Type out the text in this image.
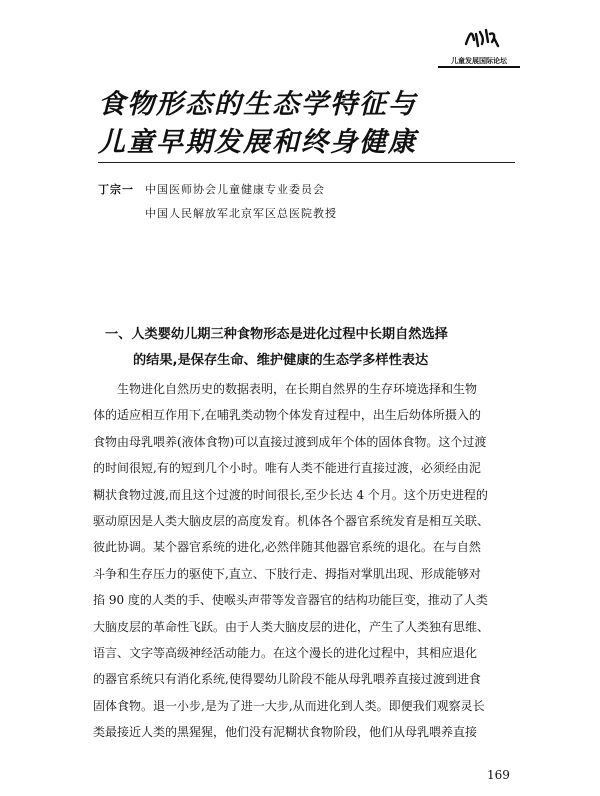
儿童发展国际论坛
食物形态的生态学特征与
儿童早期发展和终身健康
丁宗一 中国医师协会儿童健康专业委员会
中国人民解放军北京军区总医院教授
一、人类婴幼儿期三种食物形态是进化过程中长期自然选择
的结果,是保存生命、维护健康的生态学多样性表达
生物进化自然历史的数据表明，在长期自然界的生存环境选择和生物
体的适应相互作用下,在哺乳类动物个体发育过程中，出生后幼体所摄入的
食物由母乳喂养(液体食物)可以直接过渡到成年个体的固体食物。这个过渡
的时间很短,有的短到几个小时。唯有人类不能进行直接过渡，必须经由泥
糊状食物过渡,而且这个过渡的时间很长,至少长达 4 个月。这个历史进程的
驱动原因是人类大脑皮层的高度发育。机体各个器官系统发育是相互关联、
彼此协调。某个器官系统的进化,必然伴随其他器官系统的退化。在与自然
斗争和生存压力的驱使下,直立、下肢行走、拇指对掌肌出现、形成能够对
掐 90 度的人类的手、使喉头声带等发音器官的结构功能巨变，推动了人类
大脑皮层的革命性飞跃。由于人类大脑皮层的进化，产生了人类独有思维、
语言、文字等高级神经活动能力。在这个漫长的进化过程中，其相应退化
的器官系统只有消化系统,使得婴幼儿阶段不能从母乳喂养直接过渡到进食
固体食物。退一小步,是为了进一大步,从而进化到人类。即便我们观察灵长
类最接近人类的黑猩猩，他们没有泥糊状食物阶段，他们从母乳喂养直接
169
